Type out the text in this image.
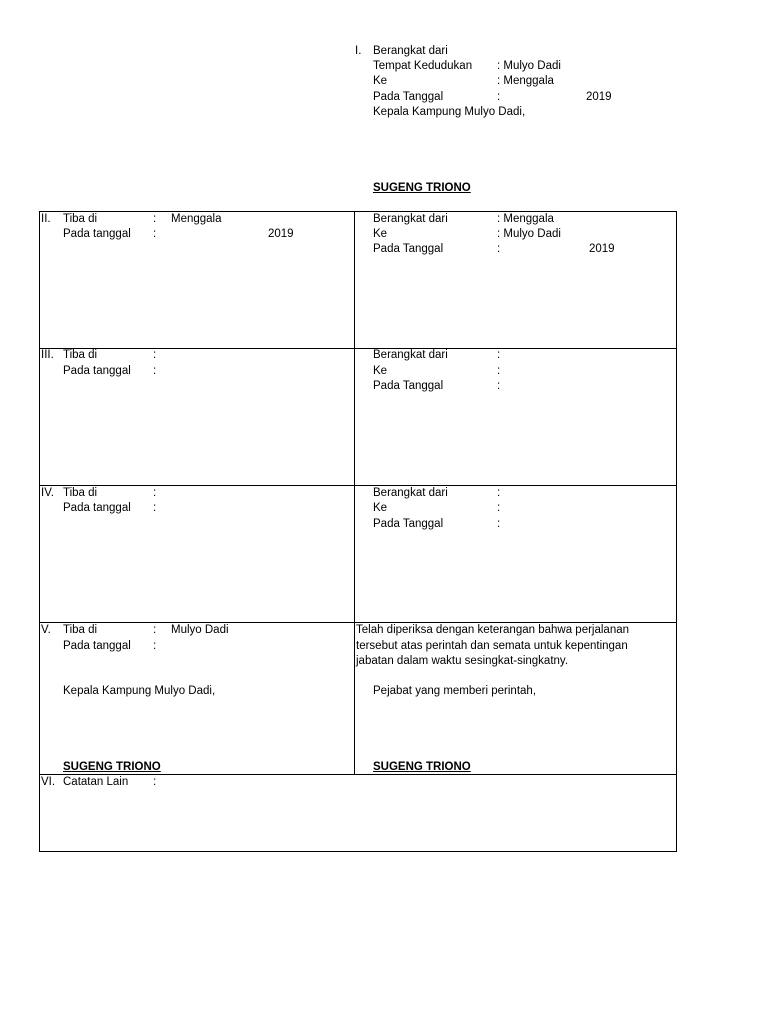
I. Berangkat dari
Tempat Kedudukan : Mulyo Dadi
Ke	: Menggala
Pada Tanggal	:	2019
Kepala Kampung Mulyo Dadi,
SUGENG TRIONO
II. Tiba di	: Menggala
Pada tanggal :	2019
Berangkat dari	: Menggala
Ke	: Mulyo Dadi
Pada Tanggal	:	2019
III. Tiba di	:
Pada tanggal :
Berangkat dari	:
Ke	:
Pada Tanggal	:
IV. Tiba di	:
Pada tanggal :
Berangkat dari	:
Ke	:
Pada Tanggal	:
V. Tiba di	: Mulyo Dadi
Pada tanggal :
Kepala Kampung Mulyo Dadi,
SUGENG TRIONO
Telah diperiksa dengan keterangan bahwa perjalanan
tersebut atas perintah dan semata untuk kepentingan
jabatan dalam waktu sesingkat-singkatny.
Pejabat yang memberi perintah,
SUGENG TRIONO
VI. Catatan Lain :
